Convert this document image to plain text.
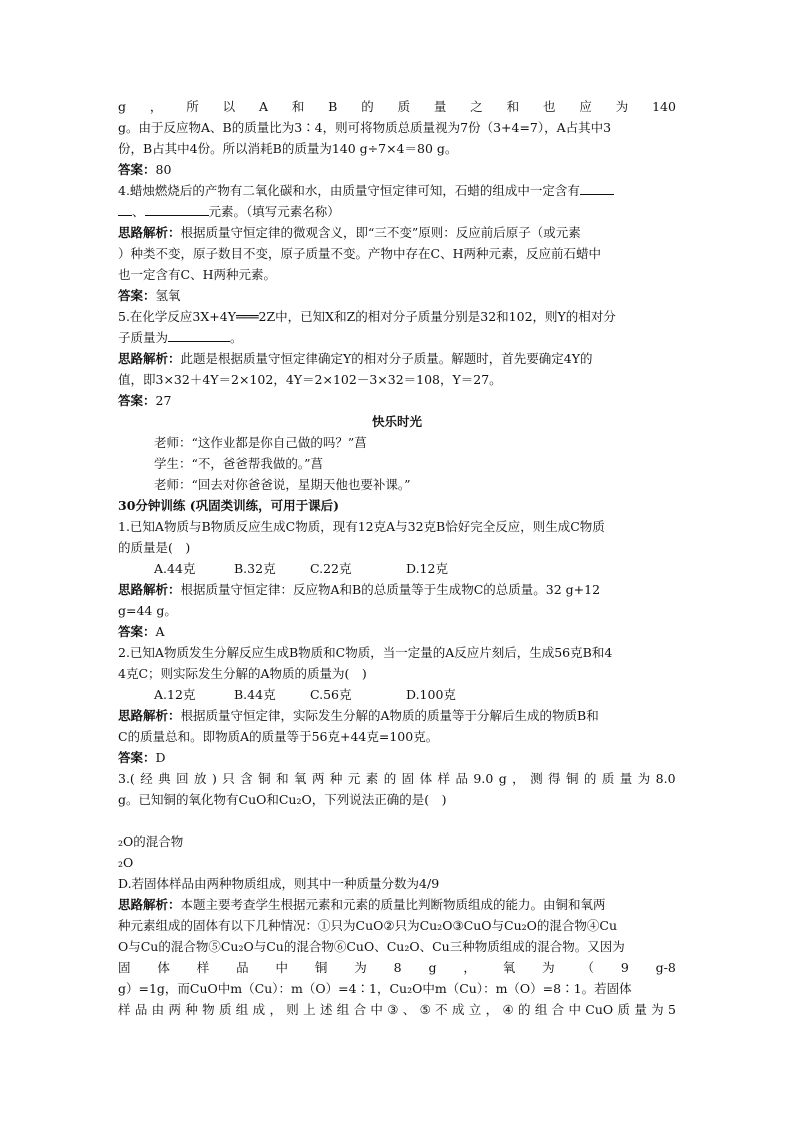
g ， 所 以 A 和 B 的 质 量 之 和 也 应 为 140
g。由于反应物A、B的质量比为3∶4，则可将物质总质量视为7份（3+4=7），A占其中3
份，B占其中4份。所以消耗B的质量为140 g÷7×4＝80 g。
答案：80
4.蜡烛燃烧后的产物有二氧化碳和水，由质量守恒定律可知，石蜡的组成中一定含有
、	元素。（填写元素名称）
思路解析：根据质量守恒定律的微观含义，即“三不变”原则：反应前后原子（或元素
）种类不变，原子数目不变，原子质量不变。产物中存在C、H两种元素，反应前石蜡中
也一定含有C、H两种元素。
答案：氢氧
5.在化学反应3X+4Y═══2Z中，已知X和Z的相对分子质量分别是32和102，则Y的相对分
子质量为	。
思路解析：此题是根据质量守恒定律确定Y的相对分子质量。解题时，首先要确定4Y的
值，即3×32＋4Y＝2×102，4Y＝2×102－3×32＝108，Y＝27。
答案：27
快乐时光
老师：“这作业都是你自己做的吗？”菖
学生：“不，爸爸帮我做的。”菖
老师：“回去对你爸爸说，星期天他也要补课。”
30分钟训练 (巩固类训练，可用于课后)
1.已知A物质与B物质反应生成C物质，现有12克A与32克B恰好完全反应，则生成C物质
的质量是(　)
A.44克	B.32克	C.22克	D.12克
思路解析：根据质量守恒定律：反应物A和B的总质量等于生成物C的总质量。32 g+12
g=44 g。
答案：A
2.已知A物质发生分解反应生成B物质和C物质，当一定量的A反应片刻后，生成56克B和4
4克C；则实际发生分解的A物质的质量为(　)
A.12克	B.44克	C.56克	D.100克
思路解析：根据质量守恒定律，实际发生分解的A物质的质量等于分解后生成的物质B和
C的质量总和。即物质A的质量等于56克+44克=100克。
答案：D
3.( 经 典 回 放 ) 只 含 铜 和 氧 两 种 元 素 的 固 体 样 品 9.0 g ， 测 得 铜 的 质 量 为 8.0
g。已知铜的氧化物有CuO和Cu₂O，下列说法正确的是(　)
₂O的混合物
₂O
D.若固体样品由两种物质组成，则其中一种质量分数为4/9
思路解析：本题主要考查学生根据元素和元素的质量比判断物质组成的能力。由铜和氧两
种元素组成的固体有以下几种情况：①只为CuO②只为Cu₂O③CuO与Cu₂O的混合物④Cu
O与Cu的混合物⑤Cu₂O与Cu的混合物⑥CuO、Cu₂O、Cu三种物质组成的混合物。又因为
固 体 样 品 中 铜 为 8 g ， 氧 为 （ 9 g-8
g）=1g，而CuO中m（Cu）：m（O）=4∶1，Cu₂O中m（Cu）：m（O）=8∶1。若固体
样 品 由 两 种 物 质 组 成 ， 则 上 述 组 合 中 ③ 、 ⑤ 不 成 立 ， ④ 的 组 合 中 CuO 质 量 为 5
